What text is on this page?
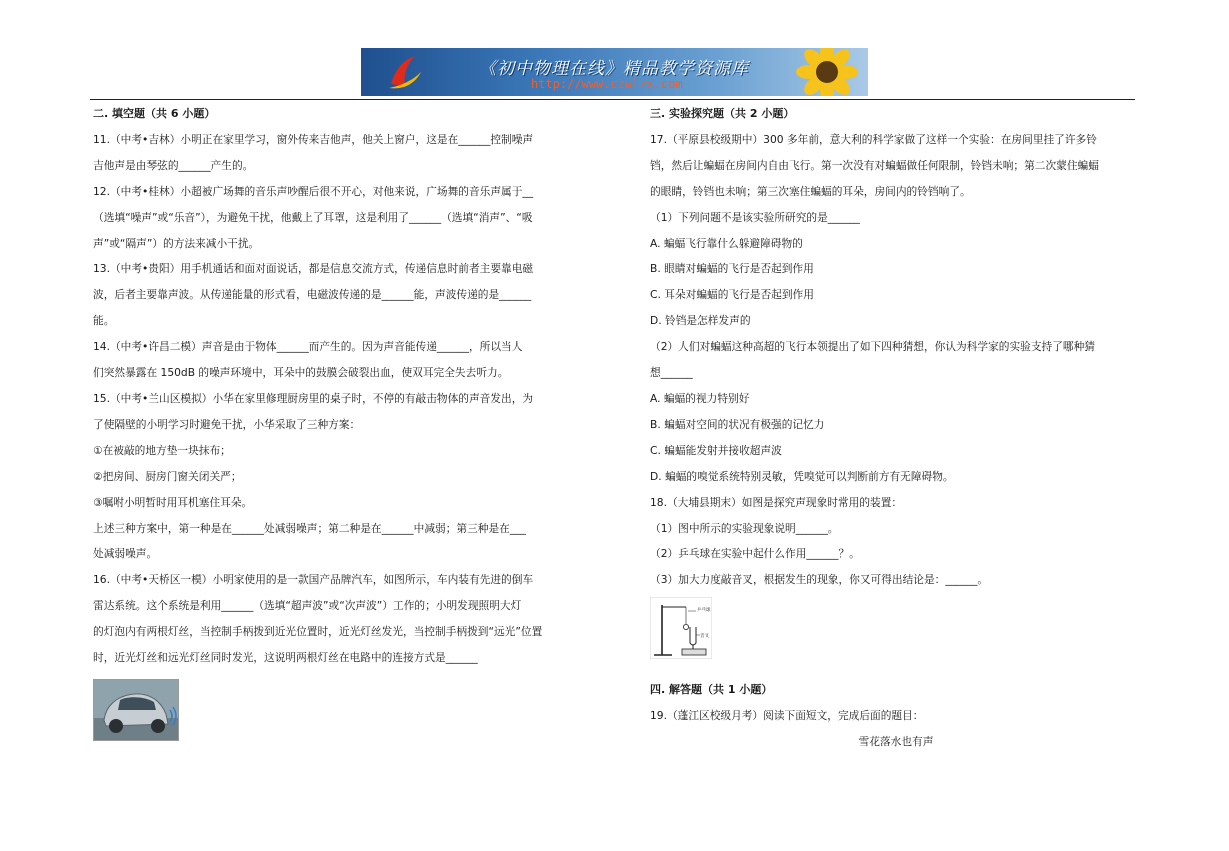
《初中物理在线》精品教学资源库
http://www.czwlzx.com
二. 填空题（共 6 小题）

11.（中考•吉林）小明正在家里学习，窗外传来吉他声，他关上窗户，这是在______控制噪声

吉他声是由琴弦的______产生的。

12.（中考•桂林）小超被广场舞的音乐声吵醒后很不开心，对他来说，广场舞的音乐声属于__

（选填“噪声”或“乐音”），为避免干扰，他戴上了耳罩，这是利用了______（选填“消声”、“吸

声”或“隔声”）的方法来减小干扰。

13.（中考•贵阳）用手机通话和面对面说话，都是信息交流方式，传递信息时前者主要靠电磁

波，后者主要靠声波。从传递能量的形式看，电磁波传递的是______能，声波传递的是______

能。

14.（中考•许昌二模）声音是由于物体______而产生的。因为声音能传递______，所以当人

们突然暴露在 150dB 的噪声环境中，耳朵中的鼓膜会破裂出血，使双耳完全失去听力。

15.（中考•兰山区模拟）小华在家里修理厨房里的桌子时，不停的有敲击物体的声音发出，为

了使隔壁的小明学习时避免干扰，小华采取了三种方案：

①在被敲的地方垫一块抹布；

②把房间、厨房门窗关闭关严；

③嘱咐小明暂时用耳机塞住耳朵。

上述三种方案中，第一种是在______处减弱噪声；第二种是在______中减弱；第三种是在___

处减弱噪声。

16.（中考•天桥区一模）小明家使用的是一款国产品牌汽车，如图所示，车内装有先进的倒车

雷达系统。这个系统是利用______（选填“超声波”或“次声波”）工作的；小明发现照明大灯

的灯泡内有两根灯丝，当控制手柄拨到近光位置时，近光灯丝发光，当控制手柄拨到“远光”位置

时，近光灯丝和远光灯丝同时发光，这说明两根灯丝在电路中的连接方式是______

三. 实验探究题（共 2 小题）

17.（平原县校级期中）300 多年前，意大利的科学家做了这样一个实验：在房间里挂了许多铃

铛，然后让蝙蝠在房间内自由飞行。第一次没有对蝙蝠做任何限制，铃铛未响；第二次蒙住蝙蝠

的眼睛，铃铛也未响；第三次塞住蝙蝠的耳朵，房间内的铃铛响了。

（1）下列问题不是该实验所研究的是______

A. 蝙蝠飞行靠什么躲避障碍物的

B. 眼睛对蝙蝠的飞行是否起到作用

C. 耳朵对蝙蝠的飞行是否起到作用

D. 铃铛是怎样发声的

（2）人们对蝙蝠这种高超的飞行本领提出了如下四种猜想，你认为科学家的实验支持了哪种猜

想______

A. 蝙蝠的视力特别好

B. 蝙蝠对空间的状况有极强的记忆力

C. 蝙蝠能发射并接收超声波

D. 蝙蝠的嗅觉系统特别灵敏，凭嗅觉可以判断前方有无障碍物。

18.（大埔县期末）如图是探究声现象时常用的装置：

（1）图中所示的实验现象说明______。

（2）乒乓球在实验中起什么作用______？。

（3）加大力度敲音叉，根据发生的现象，你又可得出结论是：______。

乒乓球
音叉
四. 解答题（共 1 小题）

19.（蓬江区校级月考）阅读下面短文，完成后面的题目：

雪花落水也有声
